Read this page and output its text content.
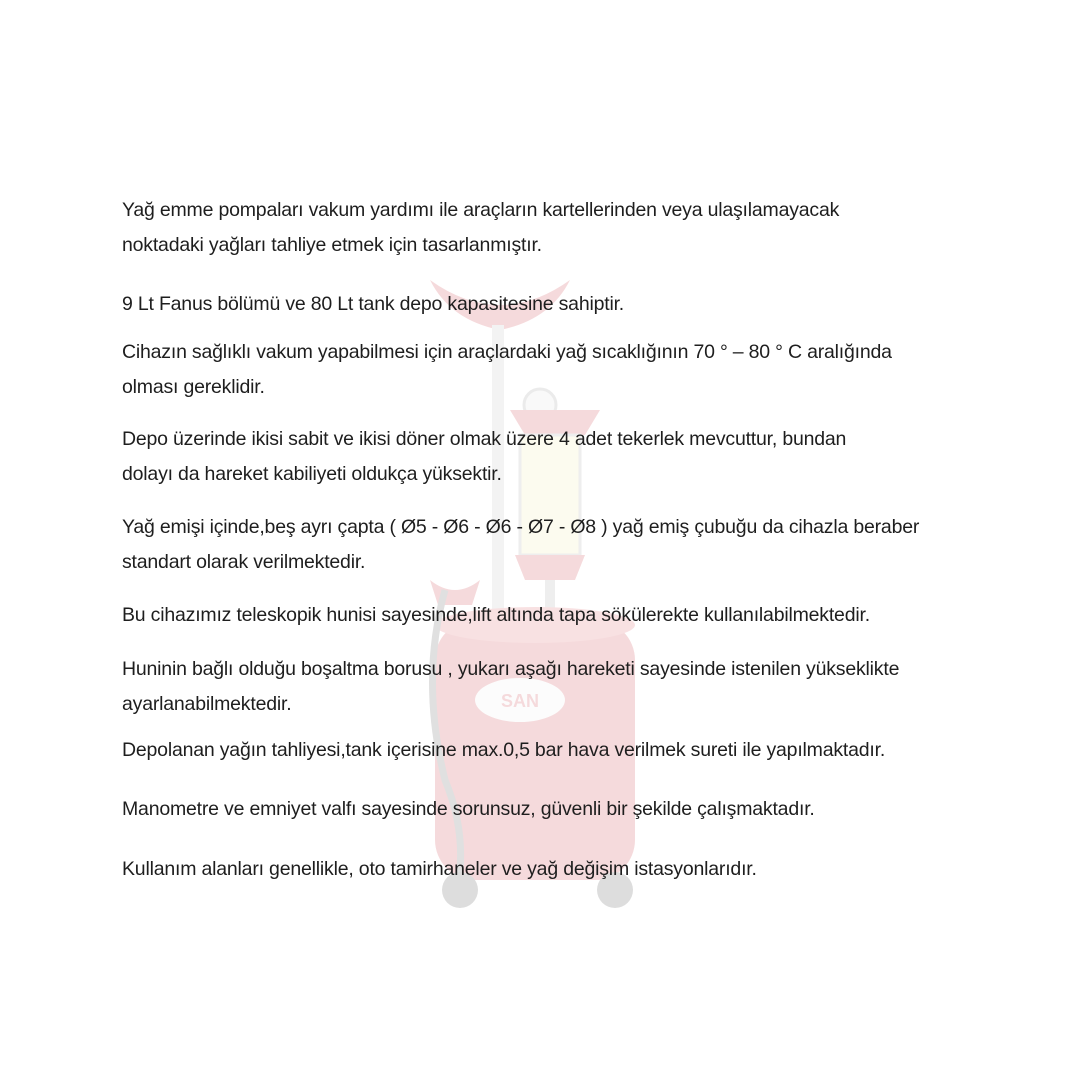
SAN

Yağ emme pompaları vakum yardımı ile araçların kartellerinden veya ulaşılamayacak
noktadaki yağları tahliye etmek için tasarlanmıştır.

9 Lt Fanus bölümü ve 80 Lt tank depo kapasitesine sahiptir.

Cihazın sağlıklı vakum yapabilmesi için araçlardaki yağ sıcaklığının 70 ° – 80 ° C aralığında
olması gereklidir.

Depo üzerinde ikisi sabit ve ikisi döner olmak üzere 4 adet tekerlek mevcuttur, bundan
dolayı da hareket kabiliyeti oldukça yüksektir.

Yağ emişi içinde,beş ayrı çapta ( Ø5 - Ø6 - Ø6 - Ø7 - Ø8 ) yağ emiş çubuğu da cihazla beraber
standart olarak verilmektedir.

Bu cihazımız teleskopik hunisi sayesinde,lift altında tapa sökülerekte kullanılabilmektedir.

Huninin bağlı olduğu boşaltma borusu , yukarı aşağı hareketi sayesinde istenilen yükseklikte
ayarlanabilmektedir.

Depolanan yağın tahliyesi,tank içerisine max.0,5 bar hava verilmek sureti ile yapılmaktadır.

Manometre ve emniyet valfı sayesinde sorunsuz, güvenli bir şekilde çalışmaktadır.

Kullanım alanları genellikle, oto tamirhaneler ve yağ değişim istasyonlarıdır.
